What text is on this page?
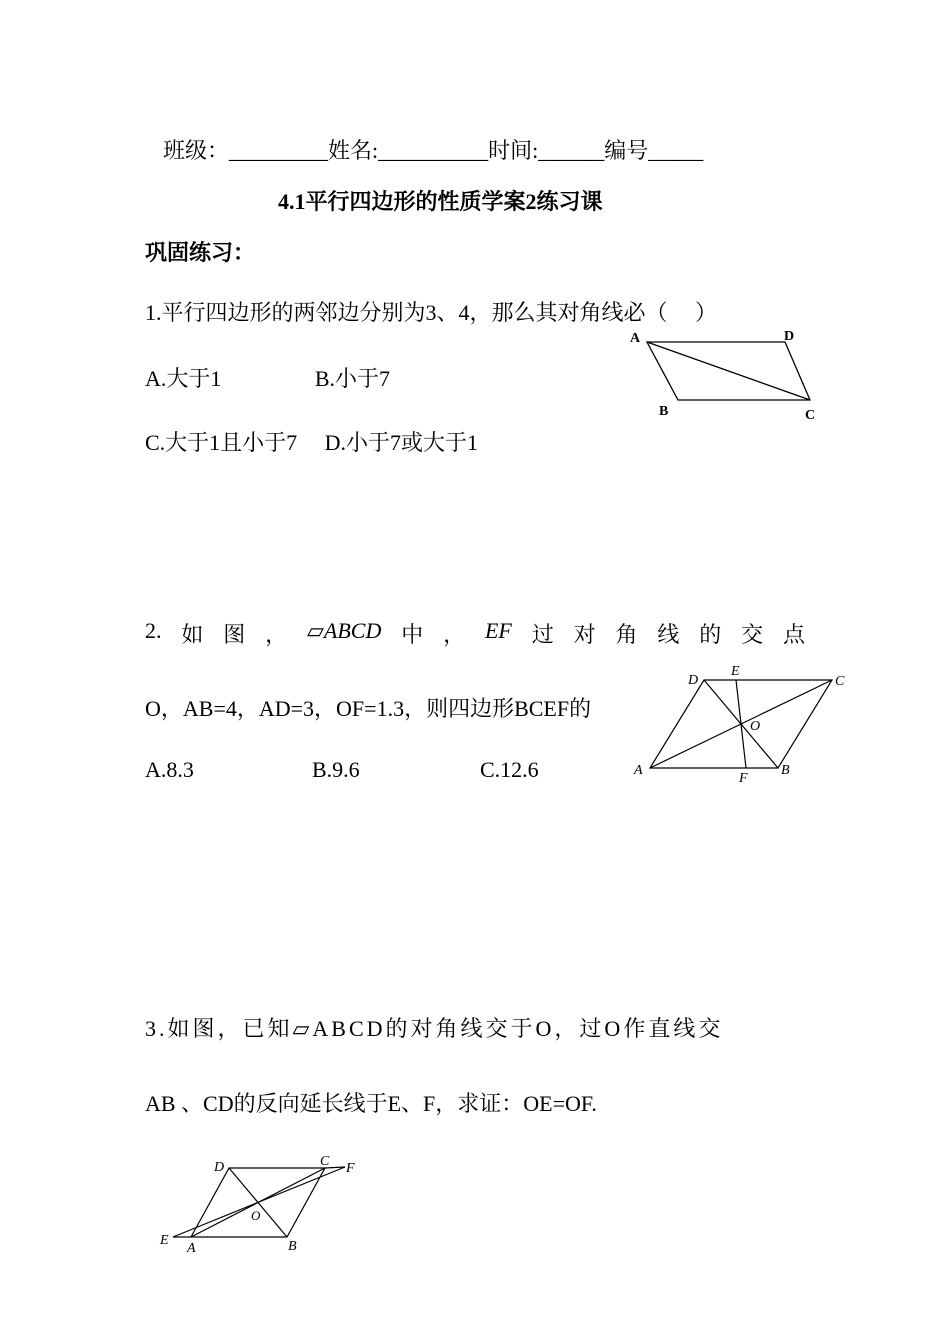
班级：_________姓名:__________时间:______编号_____
4.1平行四边形的性质学案2练习课
巩固练习：
1.平行四边形的两邻边分别为3、4，那么其对角线必（　 ）
A.大于1　　　　 B.小于7
C.大于1且小于7　 D.小于7或大于1
A	D
B	C
2. 如 图 ， ▱ABCD 中 ， EF 过 对 角 线 的 交 点
O，AB=4，AD=3，OF=1.3，则四边形BCEF的
A.8.3	B.9.6	C.12.6
D
E
C
O
A
F
B
3.如图，已知▱ABCD的对角线交于O，过O作直线交
AB 、CD的反向延长线于E、F，求证：OE=OF.
D	C F
O
E
A	B
